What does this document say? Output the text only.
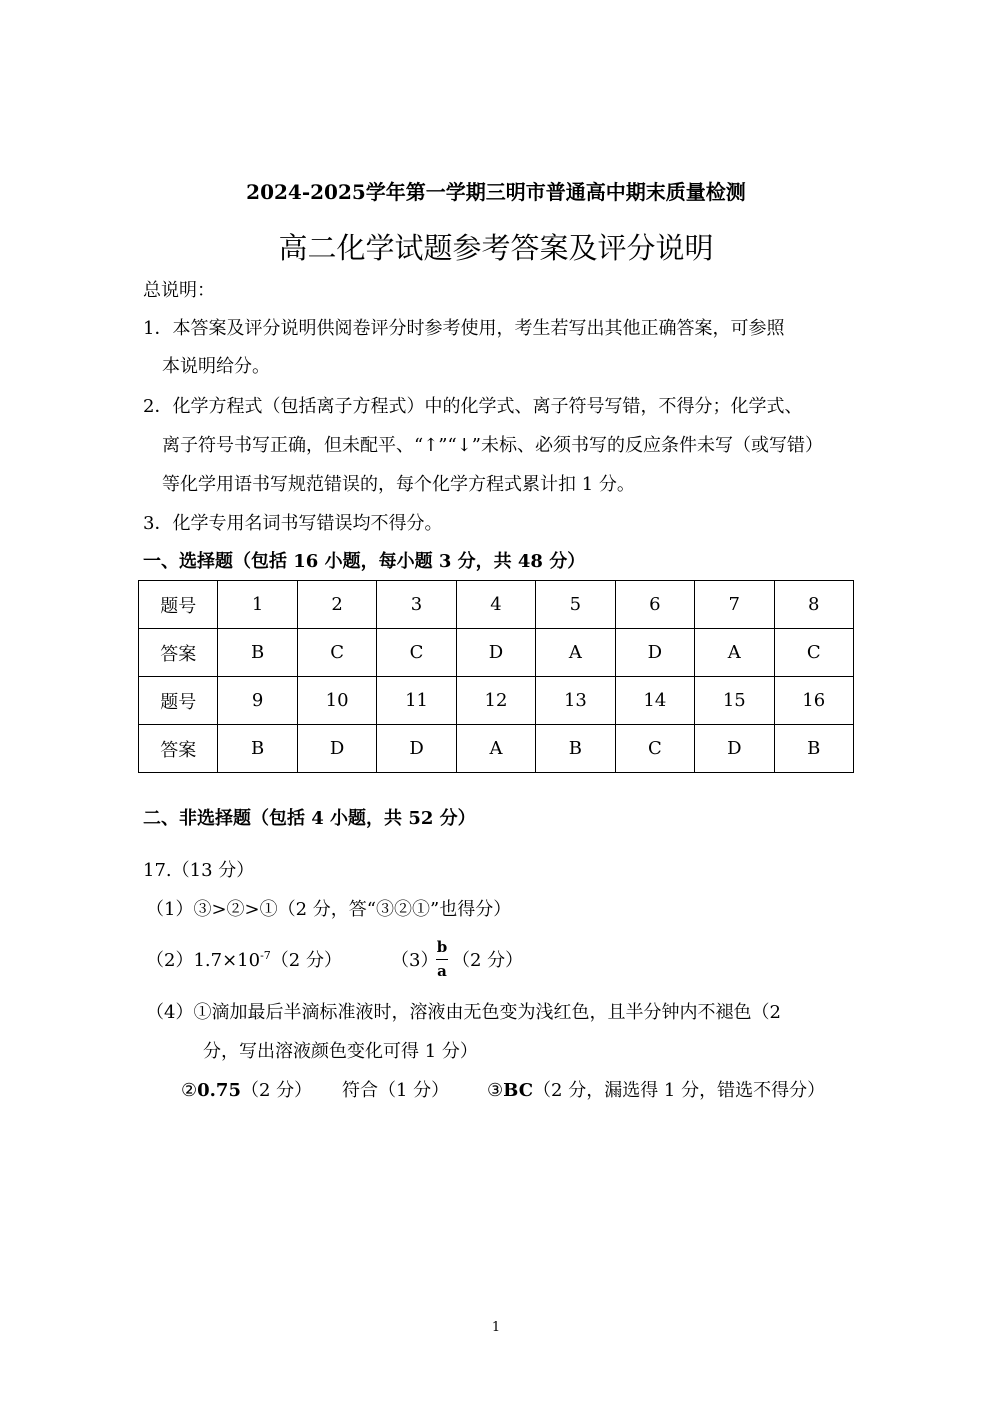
2024-2025学年第一学期三明市普通高中期末质量检测
高二化学试题参考答案及评分说明
总说明：
1．本答案及评分说明供阅卷评分时参考使用，考生若写出其他正确答案，可参照
本说明给分。
2．化学方程式（包括离子方程式）中的化学式、离子符号写错，不得分；化学式、
离子符号书写正确，但未配平、“↑”“↓”未标、必须书写的反应条件未写（或写错）
等化学用语书写规范错误的，每个化学方程式累计扣 1 分。
3．化学专用名词书写错误均不得分。
一、选择题（包括 16 小题，每小题 3 分，共 48 分）
题号	1	2	3	4	5	6	7	8
答案	B	C	C	D	A	D	A	C
题号	9	10	11	12	13	14	15	16
答案	B	D	D	A	B	C	D	B
二、非选择题（包括 4 小题，共 52 分）
17.（13 分）
（1）③>②>①（2 分，答“③②①”也得分）
$(2)1.7\times 10^{-7}(2$ 分）	（3）
b
a （2 分）
（4）①滴加最后半滴标准液时，溶液由无色变为浅红色，且半分钟内不褪色（2
分，写出溶液颜色变化可得 1 分）
②0.75（2 分） 符合（1 分） ③BC（2 分，漏选得 1 分，错选不得分）
1
